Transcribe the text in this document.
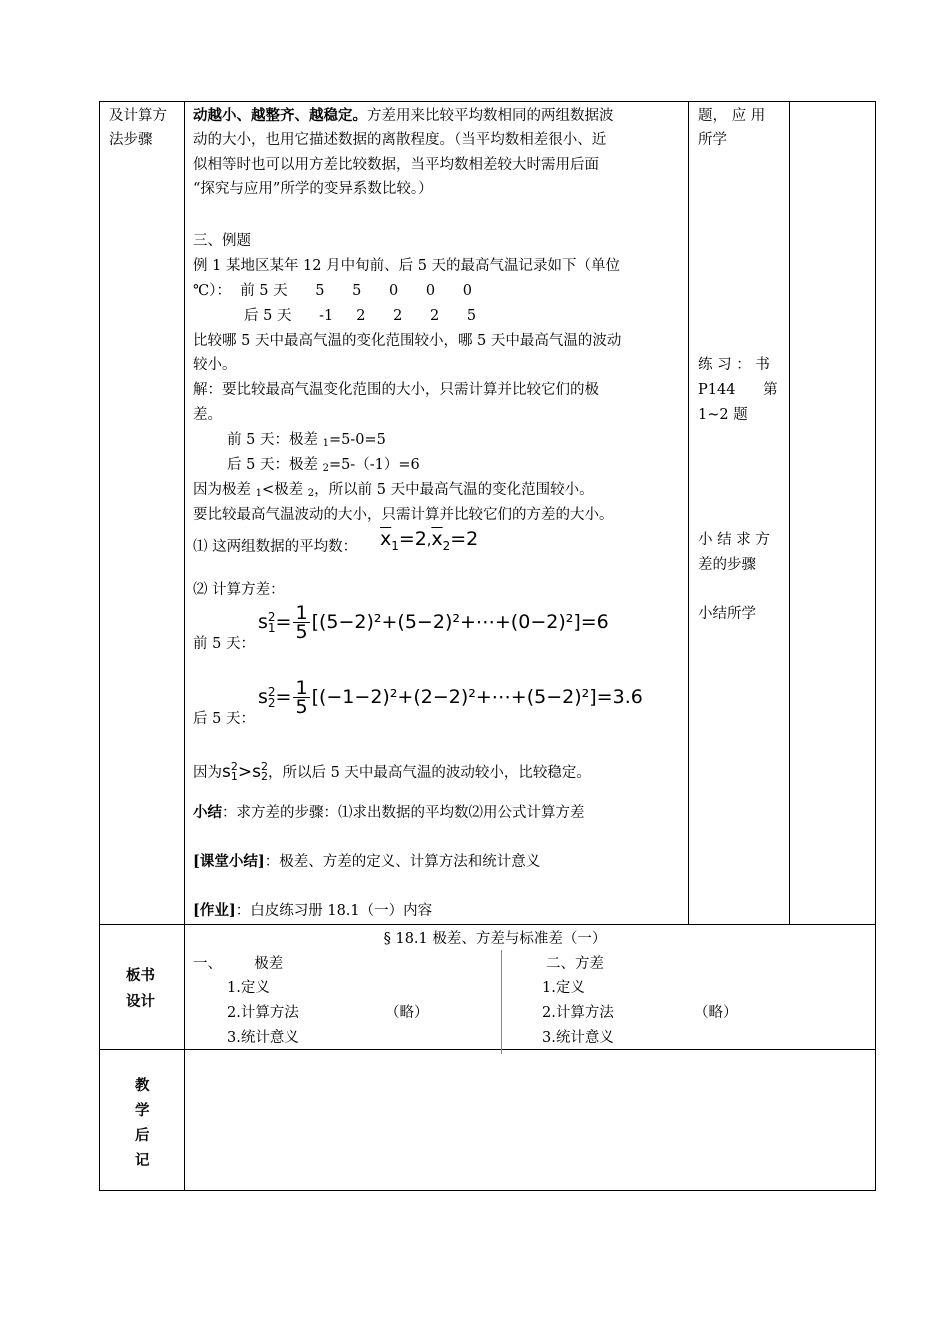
及计算方
法步骤
板书
设计
教
学
后
记
动越小、越整齐、越稳定。方差用来比较平均数相同的两组数据波
动的大小，也用它描述数据的离散程度。（当平均数相差很小、近
似相等时也可以用方差比较数据，当平均数相差较大时需用后面
“探究与应用”所学的变异系数比较。）
三、例题
例 1 某地区某年 12 月中旬前、后 5 天的最高气温记录如下（单位
℃）：  前 5 天      5      5      0      0      0
后 5 天      -1     2      2      2      5
比较哪 5 天中最高气温的变化范围较小，哪 5 天中最高气温的波动
较小。
解：要比较最高气温变化范围的大小，只需计算并比较它们的极
差。
前 5 天：极差 $_1$=5-0=5
后 5 天：极差 $_2$=5-（-1）=6
因为极差 $_1$<极差 $_2$，所以前 5 天中最高气温的变化范围较小。
要比较最高气温波动的大小，只需计算并比较它们的方差的大小。
⑴ 这两组数据的平均数： $\overline{x}_1=2,\overline{x}_2=2$
⑵ 计算方差：
前 5 天：
s 2
$1 = \frac{1}{5}$ [(5−2)²+(5−2)²+⋯+(0−2)²]=6
后 5 天：
s 2
$2 = \frac{1}{5}$ [(−1−2)²+(2−2)²+⋯+(5−2)²]=3.6
因为s 2
1 >s 2
2 ，所以后 5 天中最高气温的波动较小，比较稳定。
小结：求方差的步骤：⑴求出数据的平均数⑵用公式计算方差
[课堂小结]：极差、方差的定义、计算方法和统计意义
[作业]：白皮练习册 18.1（一）内容
题， 应 用
所学
练 习 ： 书
P144      第
1~2 题
小 结 求 方
差的步骤
小结所学
§ 18.1 极差、方差与标准差（一）
一、       极差
1.定义
2.计算方法	（略）
3.统计意义
二、方差
1.定义
2.计算方法	（略）
3.统计意义
